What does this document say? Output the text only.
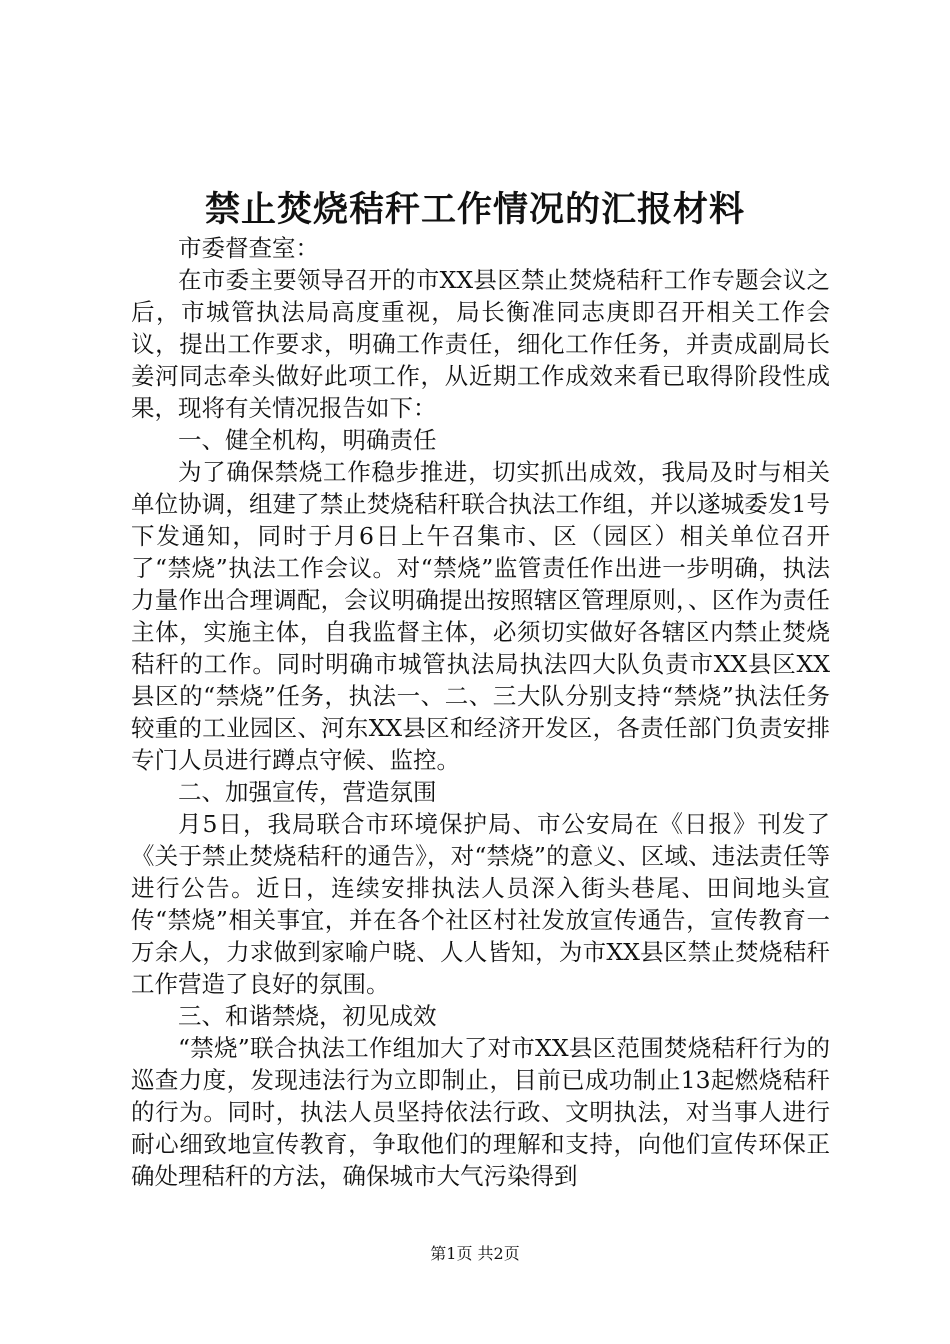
禁止焚烧秸秆工作情况的汇报材料

市委督查室：

在市委主要领导召开的市XX县区禁止焚烧秸秆工作专题会议之后，市城管执法局高度重视，局长衡准同志庚即召开相关工作会议，提出工作要求，明确工作责任，细化工作任务，并责成副局长姜河同志牵头做好此项工作，从近期工作成效来看已取得阶段性成果，现将有关情况报告如下：

一、健全机构，明确责任

为了确保禁烧工作稳步推进，切实抓出成效，我局及时与相关单位协调，组建了禁止焚烧秸秆联合执法工作组，并以遂城委发1号下发通知，同时于月6日上午召集市、区（园区）相关单位召开了“禁烧”执法工作会议。对“禁烧”监管责任作出进一步明确，执法力量作出合理调配，会议明确提出按照辖区管理原则，、区作为责任主体，实施主体，自我监督主体，必须切实做好各辖区内禁止焚烧秸秆的工作。同时明确市城管执法局执法四大队负责市XX县区XX县区的“禁烧”任务，执法一、二、三大队分别支持“禁烧”执法任务较重的工业园区、河东XX县区和经济开发区，各责任部门负责安排专门人员进行蹲点守候、监控。

二、加强宣传，营造氛围

月5日，我局联合市环境保护局、市公安局在《日报》刊发了《关于禁止焚烧秸秆的通告》，对“禁烧”的意义、区域、违法责任等进行公告。近日，连续安排执法人员深入街头巷尾、田间地头宣传“禁烧”相关事宜，并在各个社区村社发放宣传通告，宣传教育一万余人，力求做到家喻户晓、人人皆知，为市XX县区禁止焚烧秸秆工作营造了良好的氛围。

三、和谐禁烧，初见成效

“禁烧”联合执法工作组加大了对市XX县区范围焚烧秸秆行为的巡查力度，发现违法行为立即制止，目前已成功制止13起燃烧秸秆的行为。同时，执法人员坚持依法行政、文明执法，对当事人进行耐心细致地宣传教育，争取他们的理解和支持，向他们宣传环保正确处理秸秆的方法，确保城市大气污染得到

第1页 共2页
